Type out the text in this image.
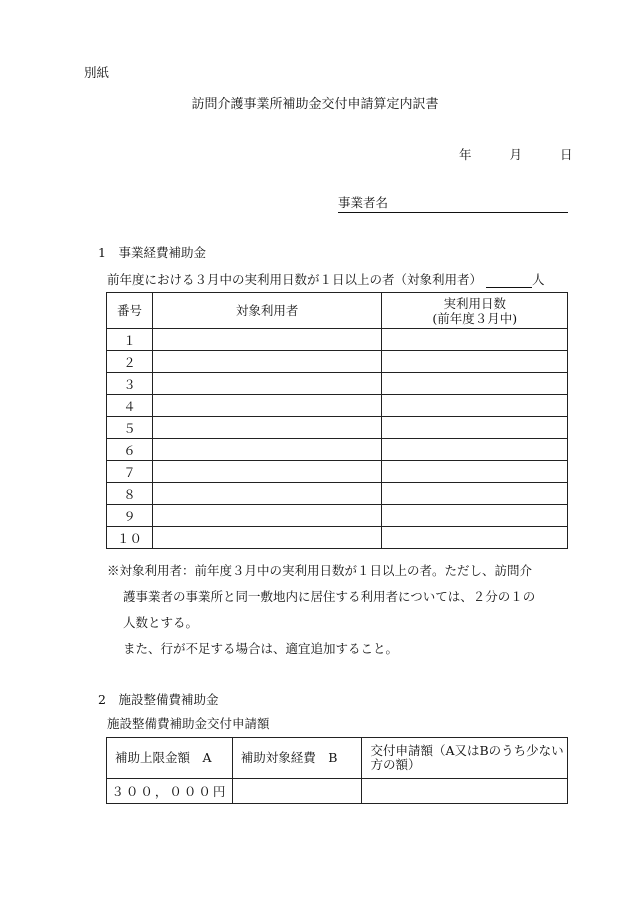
別紙
訪問介護事業所補助金交付申請算定内訳書
年	月	日
事業者名
1　事業経費補助金
前年度における３月中の実利用日数が１日以上の者（対象利用者）	人
番号	対象利用者	実利用日数
(前年度３月中)

１		
２		
３		
４		
５		
６		
７		
８		
９		
１０		

※対象利用者：前年度３月中の実利用日数が１日以上の者。ただし、訪問介

護事業者の事業所と同一敷地内に居住する利用者については、２分の１の

人数とする。

また、行が不足する場合は、適宜追加すること。

2　施設整備費補助金
施設整備費補助金交付申請額
補助上限金額　A	補助対象経費　B	交付申請額（A又はBのうち少ない方の額）
３００，０００円		
